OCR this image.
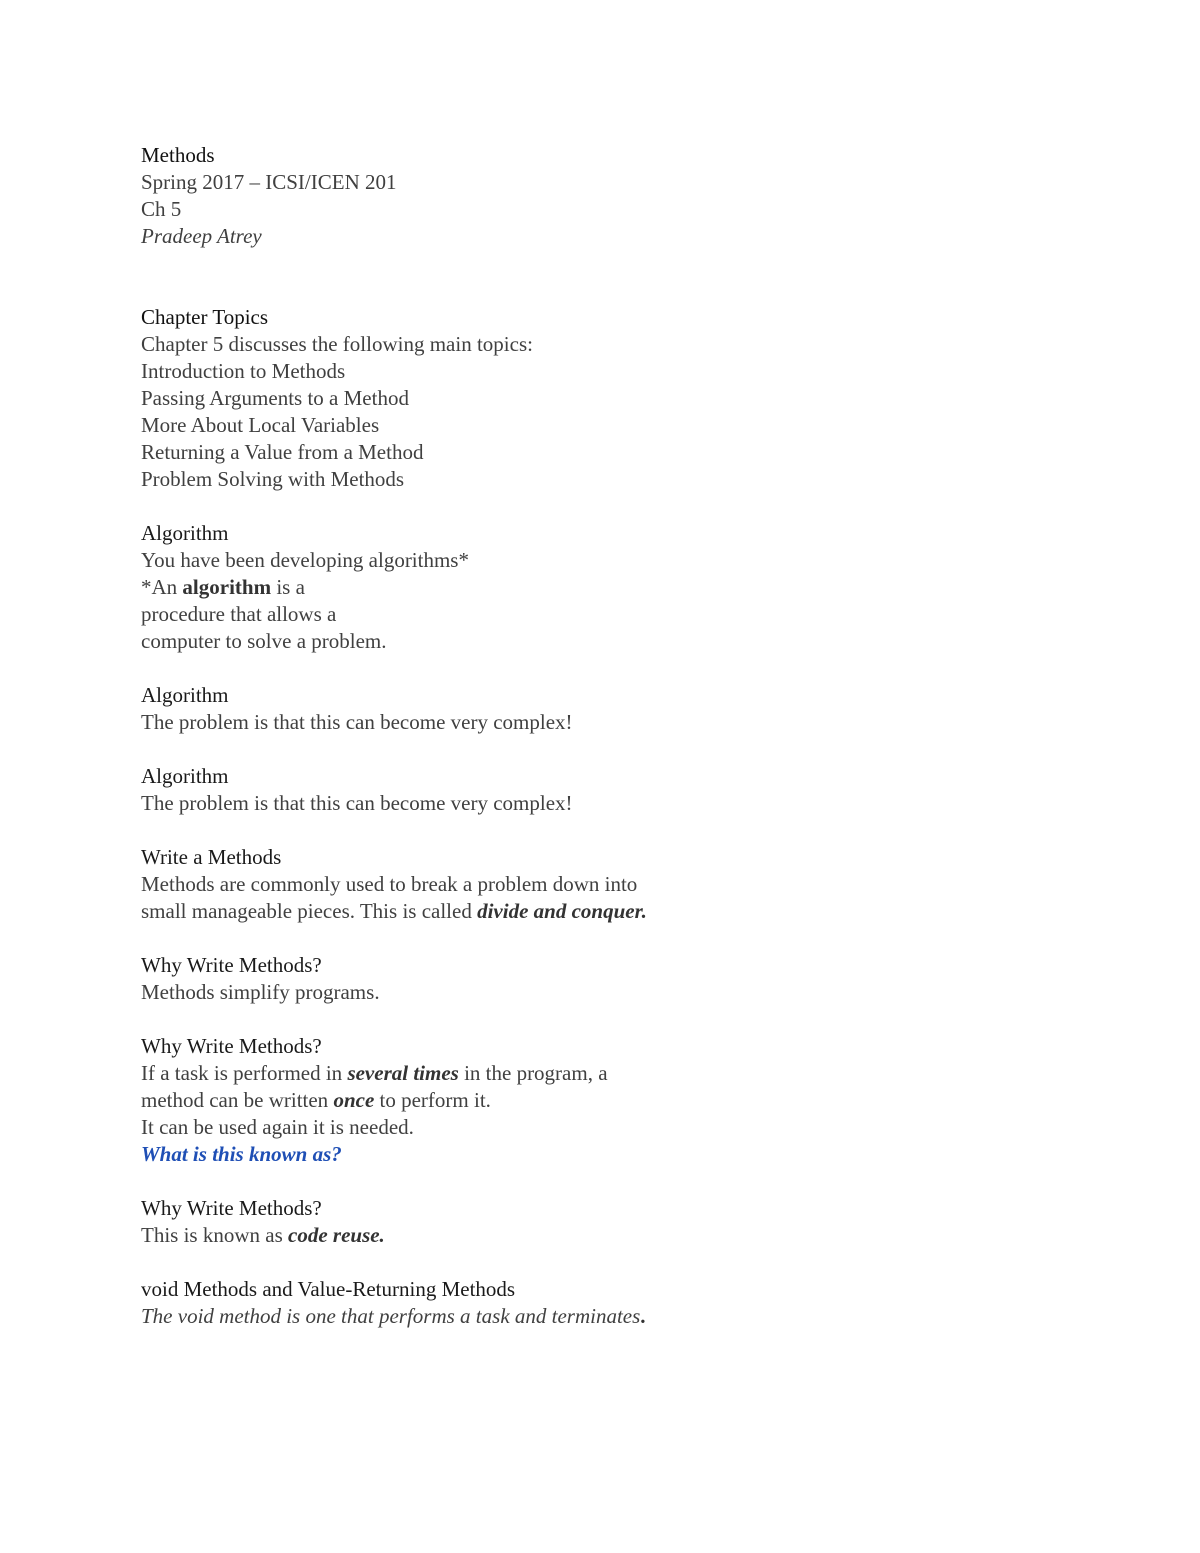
Methods
Spring 2017 – ICSI/ICEN 201
Ch 5
Pradeep Atrey
Chapter Topics
Chapter 5 discusses the following main topics:
Introduction to Methods
Passing Arguments to a Method
More About Local Variables
Returning a Value from a Method
Problem Solving with Methods
Algorithm
You have been developing algorithms*
*An algorithm is a
procedure that allows a
computer to solve a problem.
Algorithm
The problem is that this can become very complex!
Algorithm
The problem is that this can become very complex!
Write a Methods
Methods are commonly used to break a problem down into
small manageable pieces. This is called divide and conquer.
Why Write Methods?
Methods simplify programs.
Why Write Methods?
If a task is performed in several times in the program, a
method can be written once to perform it.
It can be used again it is needed.
What is this known as?
Why Write Methods?
This is known as code reuse.
void Methods and Value-Returning Methods
The void method is one that performs a task and terminates.
